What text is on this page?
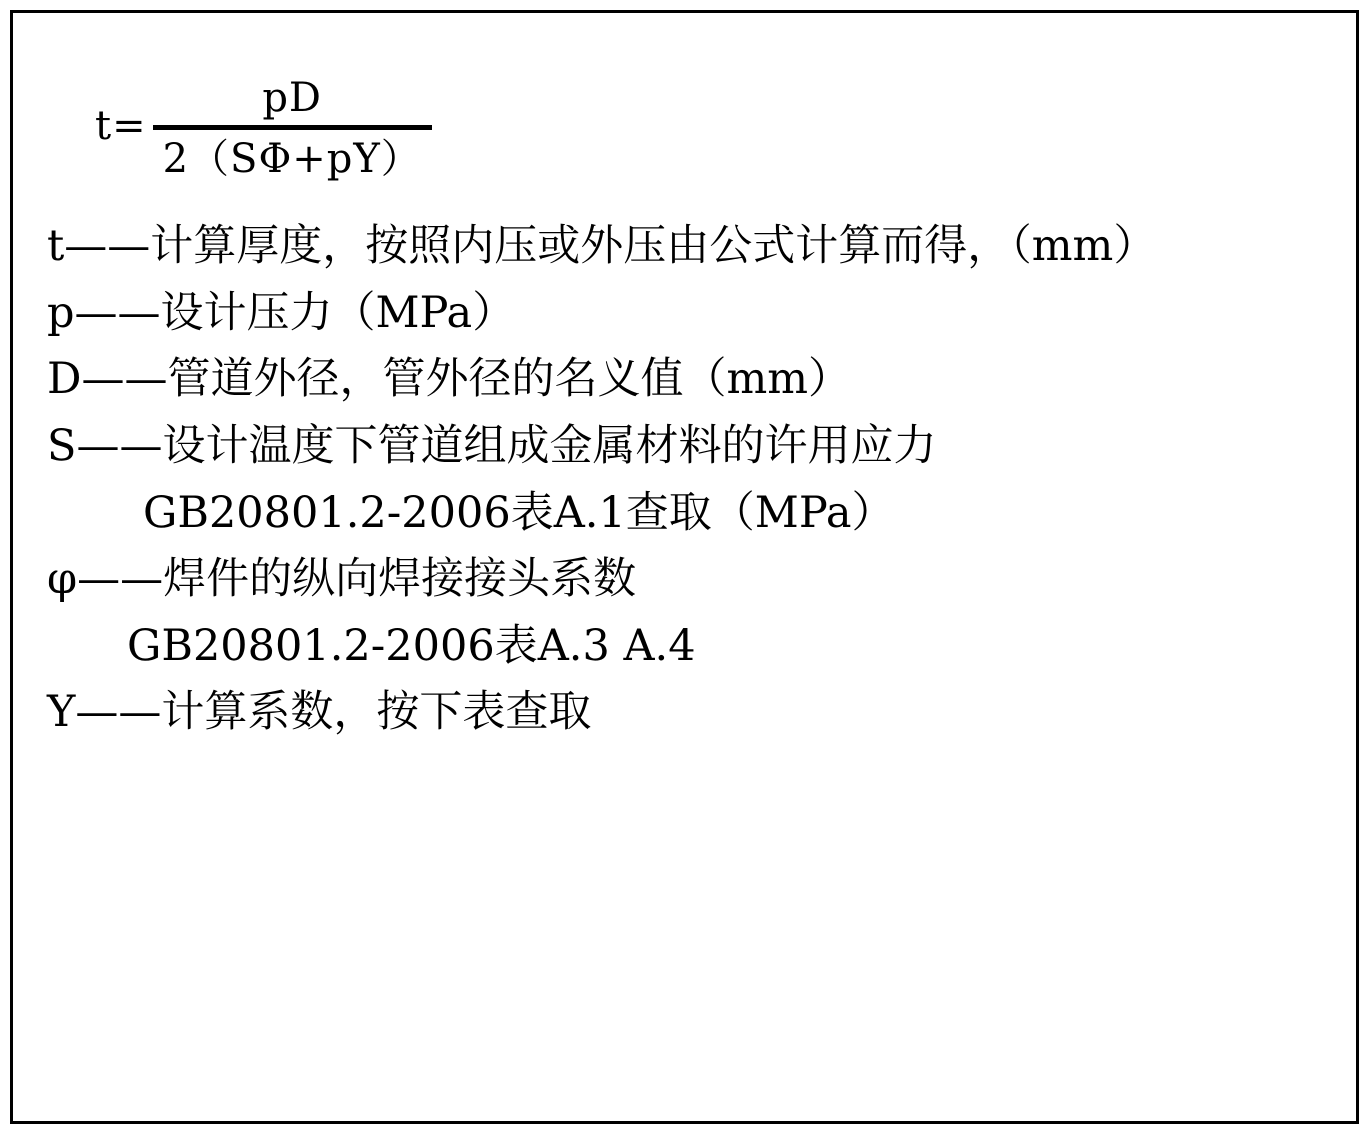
t=
pD
2（SΦ+pY）
t——计算厚度，按照内压或外压由公式计算而得，（mm）
p——设计压力（MPa）
D——管道外径，管外径的名义值（mm）
S——设计温度下管道组成金属材料的许用应力
GB20801.2-2006表A.1查取（MPa）
φ——焊件的纵向焊接接头系数
GB20801.2-2006表A.3 A.4
Y——计算系数，按下表查取
